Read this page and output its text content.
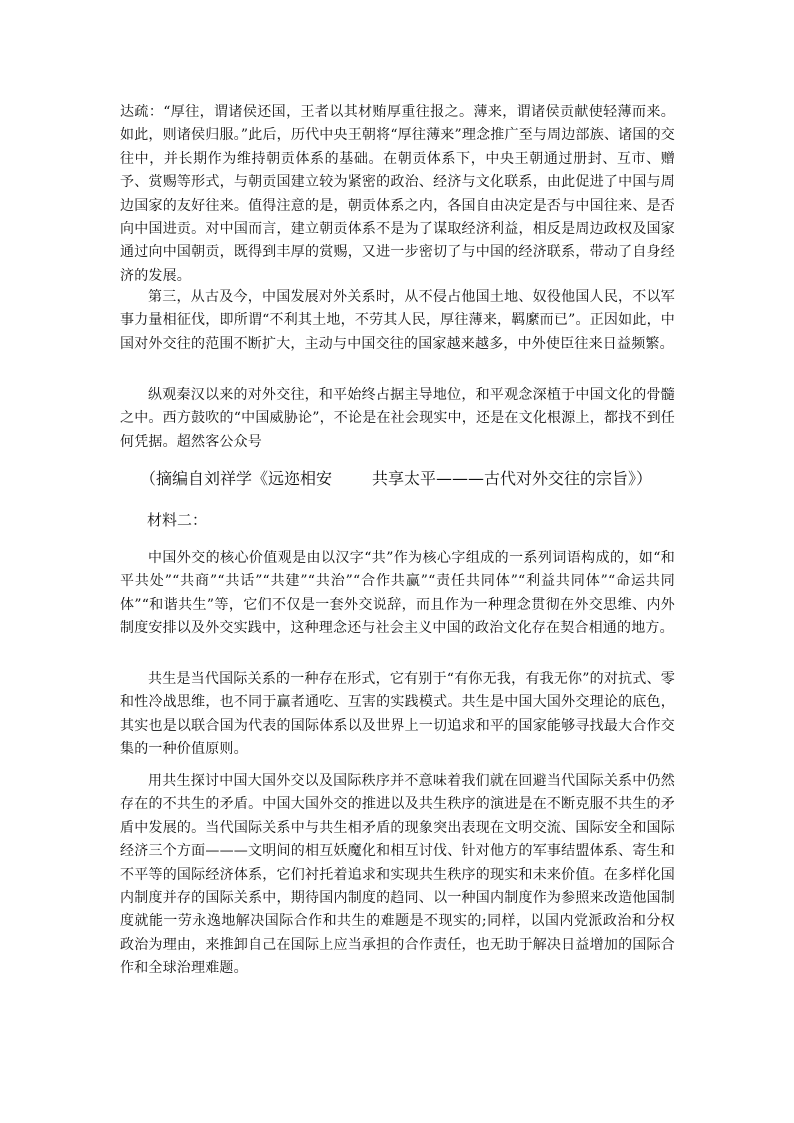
达疏：“厚往，谓诸侯还国，王者以其材贿厚重往报之。薄来，谓诸侯贡献使轻薄而来。如此，则诸侯归服。”此后，历代中央王朝将“厚往薄来”理念推广至与周边部族、诸国的交往中，并长期作为维持朝贡体系的基础。在朝贡体系下，中央王朝通过册封、互市、赠予、赏赐等形式，与朝贡国建立较为紧密的政治、经济与文化联系，由此促进了中国与周边国家的友好往来。值得注意的是，朝贡体系之内，各国自由决定是否与中国往来、是否向中国进贡。对中国而言，建立朝贡体系不是为了谋取经济利益，相反是周边政权及国家通过向中国朝贡，既得到丰厚的赏赐，又进一步密切了与中国的经济联系，带动了自身经济的发展。

第三，从古及今，中国发展对外关系时，从不侵占他国土地、奴役他国人民，不以军事力量相征伐，即所谓“不利其土地，不劳其人民，厚往薄来，羁縻而已”。正因如此，中国对外交往的范围不断扩大，主动与中国交往的国家越来越多，中外使臣往来日益频繁。

纵观秦汉以来的对外交往，和平始终占据主导地位，和平观念深植于中国文化的骨髓之中。西方鼓吹的“中国威胁论”，不论是在社会现实中，还是在文化根源上，都找不到任何凭据。超然客公众号

（摘编自刘祥学《远迩相安	共享太平———古代对外交往的宗旨》）
材料二：

中国外交的核心价值观是由以汉字“共”作为核心字组成的一系列词语构成的，如“和平共处”“共商”“共话”“共建”“共治”“合作共赢”“责任共同体”“利益共同体”“命运共同体”“和谐共生”等，它们不仅是一套外交说辞，而且作为一种理念贯彻在外交思维、内外制度安排以及外交实践中，这种理念还与社会主义中国的政治文化存在契合相通的地方。

共生是当代国际关系的一种存在形式，它有别于“有你无我，有我无你”的对抗式、零和性冷战思维，也不同于赢者通吃、互害的实践模式。共生是中国大国外交理论的底色，其实也是以联合国为代表的国际体系以及世界上一切追求和平的国家能够寻找最大合作交集的一种价值原则。

用共生探讨中国大国外交以及国际秩序并不意味着我们就在回避当代国际关系中仍然存在的不共生的矛盾。中国大国外交的推进以及共生秩序的演进是在不断克服不共生的矛盾中发展的。当代国际关系中与共生相矛盾的现象突出表现在文明交流、国际安全和国际经济三个方面———文明间的相互妖魔化和相互讨伐、针对他方的军事结盟体系、寄生和不平等的国际经济体系，它们衬托着追求和实现共生秩序的现实和未来价值。在多样化国内制度并存的国际关系中，期待国内制度的趋同、以一种国内制度作为参照来改造他国制度就能一劳永逸地解决国际合作和共生的难题是不现实的;同样，以国内党派政治和分权政治为理由，来推卸自己在国际上应当承担的合作责任，也无助于解决日益增加的国际合作和全球治理难题。
